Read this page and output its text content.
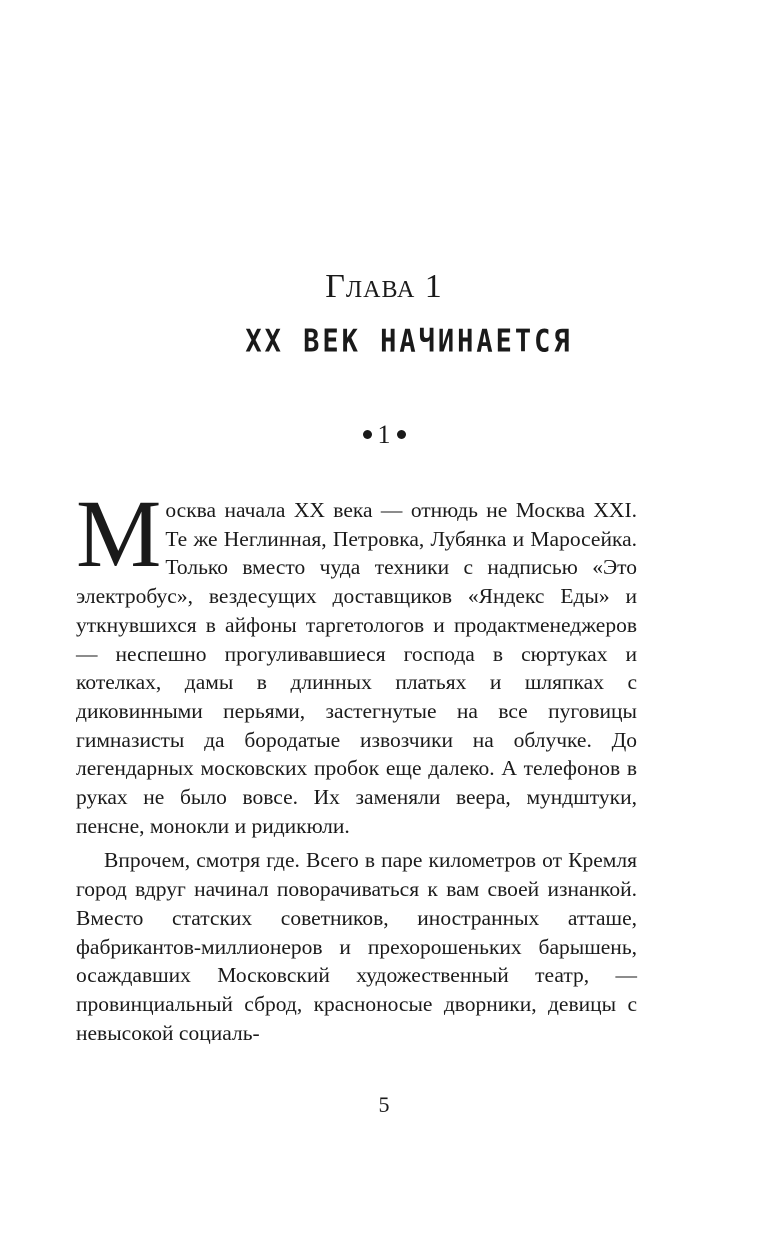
Глава 1
ХХ ВЕК НАЧИНАЕТСЯ
1

Москва начала ХХ века — отнюдь не Москва XXI. Те же Неглинная, Петровка, Лубянка и Маросейка. Только вместо чуда техники с надписью «Это электробус», вездесущих доставщиков «Яндекс Еды» и уткнувшихся в айфоны таргетологов и продактменеджеров — неспешно прогуливавшиеся господа в сюртуках и котелках, дамы в длинных платьях и шляпках с диковинными перьями, застегнутые на все пуговицы гимназисты да бородатые извозчики на облучке. До легендарных московских пробок еще далеко. А телефонов в руках не было вовсе. Их заменяли веера, мундштуки, пенсне, монокли и ридикюли.

Впрочем, смотря где. Всего в паре километров от Кремля город вдруг начинал поворачиваться к вам своей изнанкой. Вместо статских советников, иностранных атташе, фабрикантов-миллионеров и прехорошеньких барышень, осаждавших Московский художественный театр, — провинциальный сброд, красноносые дворники, девицы с невысокой социаль-

5
